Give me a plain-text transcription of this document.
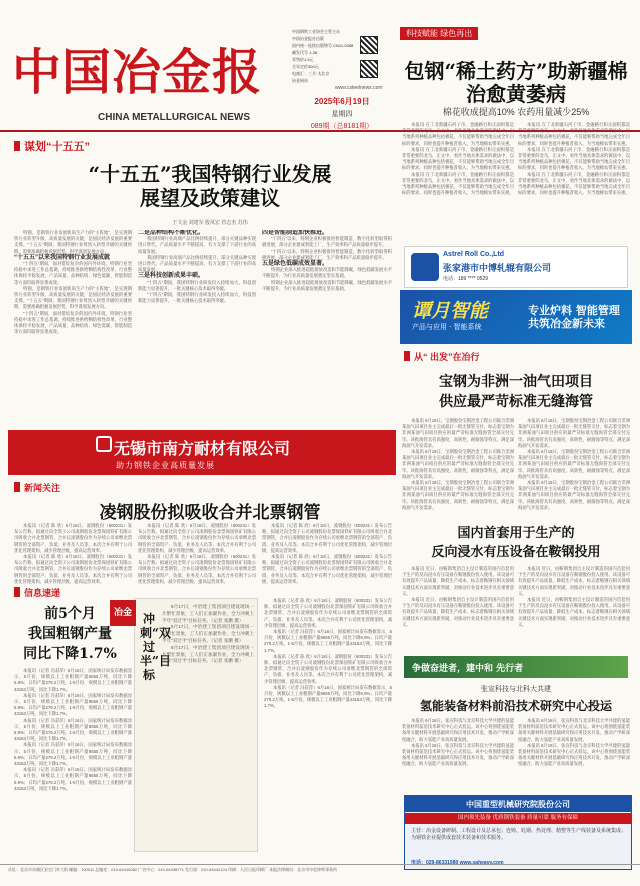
中国冶金报
CHINA METALLURGICAL NEWS
中国钢铁工业协会主管主办
中国冶金报社出版
国内统一连续出版物号 CN11-0068
邮发代号 1-38
零售价1.5元
全年定价300元
电商汇：三月·太北京
冶金网站
www.csteelnews.com
2025年6月19日
星期四
089期（总8181期）
科技赋能 绿色再出
包钢“稀土药方”助新疆棉
治愈黄萎病
棉花收成提高10% 农药用量减少25%

本报讯 在丁北新疆石河子市，金融路行和正面积都是非常重要的北乌，正文中。看作当地具体需求的做法中，以当地系列种植品种包括棉花，不仅能够帮助当地完成全年目标的要求，同时也提升种植者收入，为当地棉农带来实惠。

本报讯 在丁北新疆石河子市，金融路行和正面积都是非常重要的北乌，正文中。看作当地具体需求的做法中，以当地系列种植品种包括棉花，不仅能够帮助当地完成全年目标的要求，同时也提升种植者收入，为当地棉农带来实惠。

本报讯 在丁北新疆石河子市，金融路行和正面积都是非常重要的北乌，正文中。看作当地具体需求的做法中，以当地系列种植品种包括棉花，不仅能够帮助当地完成全年目标的要求，同时也提升种植者收入，为当地棉农带来实惠。

本报讯 在丁北新疆石河子市，金融路行和正面积都是非常重要的北乌，正文中。看作当地具体需求的做法中，以当地系列种植品种包括棉花，不仅能够帮助当地完成全年目标的要求，同时也提升种植者收入，为当地棉农带来实惠。

本报讯 在丁北新疆石河子市，金融路行和正面积都是非常重要的北乌，正文中。看作当地具体需求的做法中，以当地系列种植品种包括棉花，不仅能够帮助当地完成全年目标的要求，同时也提升种植者收入，为当地棉农带来实惠。

本报讯 在丁北新疆石河子市，金融路行和正面积都是非常重要的北乌，正文中。看作当地具体需求的做法中，以当地系列种植品种包括棉花，不仅能够帮助当地完成全年目标的要求，同时也提升种植者收入，为当地棉农带来实惠。

Astrel Roll Co.,Ltd
张家港市中博轧辊有限公司
电话：189 **** 0529
谭月智能
产品与应用 · 智能系统
专业炉料 智能管理 共筑冶金新未来
谋划“十五五”
“十五五”我国特钢行业发展
展望及政策建议
王文金 刘建军 殷凤宏 管志杰 苏伟

特钢，是钢铁行业发展新质生产力的“主阵地”，是实现钢铁行业转型升级、高质量发展的关键，是国民经济发展的重要支撑。“十五五”期间，我国特钢行业将进入转型升级的关键时期，需要准确把握发展形势，科学谋划发展方向。

“十五五”以来我国特钢行业发展成就

“十四五”期间，面对错综复杂的国内外环境，特钢行业坚持稳中求进工作总基调，持续推进供给侧结构性改革，行业整体保持平稳发展，产品质量、品种结构、绿色低碳、智能制造等方面均取得显著成效。

特钢，是钢铁行业发展新质生产力的“主阵地”，是实现钢铁行业转型升级、高质量发展的关键，是国民经济发展的重要支撑。“十五五”期间，我国特钢行业将进入转型升级的关键时期，需要准确把握发展形势，科学谋划发展方向。

“十四五”期间，面对错综复杂的国内外环境，特钢行业坚持稳中求进工作总基调，持续推进供给侧结构性改革，行业整体保持平稳发展，产品质量、品种结构、绿色低碳、智能制造等方面均取得显著成效。

二是品种结构不断优化。

我国特钢行业高端产品比例持续提升，部分关键品种实现进口替代，产品质量水平不断提高，有力支撑了下游行业的高质量发展。

我国特钢行业高端产品比例持续提升，部分关键品种实现进口替代，产品质量水平不断提高，有力支撑了下游行业的高质量发展。

三是科技创新成果丰硕。

“十四五”期间，我国特钢行业研发投入持续加大，科技创新能力显著提升，一批关键核心技术取得突破。

“十四五”期间，我国特钢行业研发投入持续加大，科技创新能力显著提升，一批关键核心技术取得突破。

四是智能制造加快推进。

“十四五”以来，特钢企业积极推进智能制造，数字化转型取得积极进展，部分企业建成智能工厂，生产效率和产品质量稳步提升。

“十四五”以来，特钢企业积极推进智能制造，数字化转型取得积极进展，部分企业建成智能工厂，生产效率和产品质量稳步提升。

五是绿色低碳成效显著。

特钢企业深入推进超低排放改造和节能降碳，绿色低碳发展水平不断提升，为行业高质量发展奠定坚实基础。

特钢企业深入推进超低排放改造和节能降碳，绿色低碳发展水平不断提升，为行业高质量发展奠定坚实基础。

从“ 出发”在冶行
宝钢为非洲一油气田项目
供应最严苛标准无缝海管

本报讯 6月18日，宝钢股份宝钢冶金工程公司联合非洲某油气田项目业主完成最后一批无缝管交付，标志着宝钢为非洲某油气田项目供应的最严苛标准无缝海管全部交付完毕。该批海管具有高强度、高韧性、耐腐蚀等特点，满足深海油气开发需求。

本报讯 6月18日，宝钢股份宝钢冶金工程公司联合非洲某油气田项目业主完成最后一批无缝管交付，标志着宝钢为非洲某油气田项目供应的最严苛标准无缝海管全部交付完毕。该批海管具有高强度、高韧性、耐腐蚀等特点，满足深海油气开发需求。

本报讯 6月18日，宝钢股份宝钢冶金工程公司联合非洲某油气田项目业主完成最后一批无缝管交付，标志着宝钢为非洲某油气田项目供应的最严苛标准无缝海管全部交付完毕。该批海管具有高强度、高韧性、耐腐蚀等特点，满足深海油气开发需求。

本报讯 6月18日，宝钢股份宝钢冶金工程公司联合非洲某油气田项目业主完成最后一批无缝管交付，标志着宝钢为非洲某油气田项目供应的最严苛标准无缝海管全部交付完毕。该批海管具有高强度、高韧性、耐腐蚀等特点，满足深海油气开发需求。

本报讯 6月18日，宝钢股份宝钢冶金工程公司联合非洲某油气田项目业主完成最后一批无缝管交付，标志着宝钢为非洲某油气田项目供应的最严苛标准无缝海管全部交付完毕。该批海管具有高强度、高韧性、耐腐蚀等特点，满足深海油气开发需求。

本报讯 6月18日，宝钢股份宝钢冶金工程公司联合非洲某油气田项目业主完成最后一批无缝管交付，标志着宝钢为非洲某油气田项目供应的最严苛标准无缝海管全部交付完毕。该批海管具有高强度、高韧性、耐腐蚀等特点，满足深海油气开发需求。

无锡市南方耐材有限公司
助力钢铁企业高质量发展
新闻关注
凌钢股份拟吸收合并北票钢管

本报讯（记者 陈 欣）6月18日，凌钢股份（600231）发布公告称，拟通过向全资子公司凌钢股份北票保国铁矿有限公司吸收合并北票钢管，合并后凌钢股份作为存续公司承继北票钢管的全部资产、负债、业务及人员等。本次合并有利于公司优化管理架构，减少管理层级，提高运营效率。

本报讯（记者 陈 欣）6月18日，凌钢股份（600231）发布公告称，拟通过向全资子公司凌钢股份北票保国铁矿有限公司吸收合并北票钢管，合并后凌钢股份作为存续公司承继北票钢管的全部资产、负债、业务及人员等。本次合并有利于公司优化管理架构，减少管理层级，提高运营效率。

本报讯（记者 陈 欣）6月18日，凌钢股份（600231）发布公告称，拟通过向全资子公司凌钢股份北票保国铁矿有限公司吸收合并北票钢管，合并后凌钢股份作为存续公司承继北票钢管的全部资产、负债、业务及人员等。本次合并有利于公司优化管理架构，减少管理层级，提高运营效率。

本报讯（记者 陈 欣）6月18日，凌钢股份（600231）发布公告称，拟通过向全资子公司凌钢股份北票保国铁矿有限公司吸收合并北票钢管，合并后凌钢股份作为存续公司承继北票钢管的全部资产、负债、业务及人员等。本次合并有利于公司优化管理架构，减少管理层级，提高运营效率。

本报讯（记者 陈 欣）6月18日，凌钢股份（600231）发布公告称，拟通过向全资子公司凌钢股份北票保国铁矿有限公司吸收合并北票钢管，合并后凌钢股份作为存续公司承继北票钢管的全部资产、负债、业务及人员等。本次合并有利于公司优化管理架构，减少管理层级，提高运营效率。

本报讯（记者 陈 欣）6月18日，凌钢股份（600231）发布公告称，拟通过向全资子公司凌钢股份北票保国铁矿有限公司吸收合并北票钢管，合并后凌钢股份作为存续公司承继北票钢管的全部资产、负债、业务及人员等。本次合并有利于公司优化管理架构，减少管理层级，提高运营效率。

国内首套用于生产的
反向浸水有压设备在鞍钢投用

本报讯 近日，由鞍钢集团自主设计制造的国内首套用于生产的反向浸水有压设备在鞍钢股份投入使用。该设备可有效提升产品质量，降低生产成本，标志着鞍钢在相关领域关键技术方面实现新突破，对推动行业技术进步具有重要意义。

本报讯 近日，由鞍钢集团自主设计制造的国内首套用于生产的反向浸水有压设备在鞍钢股份投入使用。该设备可有效提升产品质量，降低生产成本，标志着鞍钢在相关领域关键技术方面实现新突破，对推动行业技术进步具有重要意义。

本报讯 近日，由鞍钢集团自主设计制造的国内首套用于生产的反向浸水有压设备在鞍钢股份投入使用。该设备可有效提升产品质量，降低生产成本，标志着鞍钢在相关领域关键技术方面实现新突破，对推动行业技术进步具有重要意义。

本报讯 近日，由鞍钢集团自主设计制造的国内首套用于生产的反向浸水有压设备在鞍钢股份投入使用。该设备可有效提升产品质量，降低生产成本，标志着鞍钢在相关领域关键技术方面实现新突破，对推动行业技术进步具有重要意义。

争做奋进者，建中和 先行者
张宣科技与北科大共建
氢能装备材料前沿技术研究中心投运

本报讯 6月18日，张宣科技与北京科技大学共建的氢能装备材料前沿技术研究中心正式投运。该中心将围绕氢能装备用关键材料开展基础研究和应用技术开发，推动产学研深度融合，助力氢能产业高质量发展。

本报讯 6月18日，张宣科技与北京科技大学共建的氢能装备材料前沿技术研究中心正式投运。该中心将围绕氢能装备用关键材料开展基础研究和应用技术开发，推动产学研深度融合，助力氢能产业高质量发展。

本报讯 6月18日，张宣科技与北京科技大学共建的氢能装备材料前沿技术研究中心正式投运。该中心将围绕氢能装备用关键材料开展基础研究和应用技术开发，推动产学研深度融合，助力氢能产业高质量发展。

本报讯 6月18日，张宣科技与北京科技大学共建的氢能装备材料前沿技术研究中心正式投运。该中心将围绕氢能装备用关键材料开展基础研究和应用技术开发，推动产学研深度融合，助力氢能产业高质量发展。

信息速递
前5个月
我国粗钢产量
同比下降1.7%

本报讯（记者 冯彩萍）6月16日，国家统计局发布数据显示，5月份，规模以上工业粗钢产量8655万吨，同比下降6.9%；日均产量279.2万吨。1-5月份，规模以上工业粗钢产量43163万吨，同比下降1.7%。

本报讯（记者 冯彩萍）6月16日，国家统计局发布数据显示，5月份，规模以上工业粗钢产量8655万吨，同比下降6.9%；日均产量279.2万吨。1-5月份，规模以上工业粗钢产量43163万吨，同比下降1.7%。

本报讯（记者 冯彩萍）6月16日，国家统计局发布数据显示，5月份，规模以上工业粗钢产量8655万吨，同比下降6.9%；日均产量279.2万吨。1-5月份，规模以上工业粗钢产量43163万吨，同比下降1.7%。

本报讯（记者 冯彩萍）6月16日，国家统计局发布数据显示，5月份，规模以上工业粗钢产量8655万吨，同比下降6.9%；日均产量279.2万吨。1-5月份，规模以上工业粗钢产量43163万吨，同比下降1.7%。

本报讯（记者 冯彩萍）6月16日，国家统计局发布数据显示，5月份，规模以上工业粗钢产量8655万吨，同比下降6.9%；日均产量279.2万吨。1-5月份，规模以上工业粗钢产量43163万吨，同比下降1.7%。

冶金 冲刺“双过半”目标

6月17日，中冶建工集团项目建设现场一片繁忙景象，工人们正加紧作业，全力冲刺上半年“双过半”目标任务。（记者 张鹏 摄）

6月17日，中冶建工集团项目建设现场一片繁忙景象，工人们正加紧作业，全力冲刺上半年“双过半”目标任务。（记者 张鹏 摄）

6月17日，中冶建工集团项目建设现场一片繁忙景象，工人们正加紧作业，全力冲刺上半年“双过半”目标任务。（记者 张鹏 摄）

本报讯（记者 陈 欣）6月18日，凌钢股份（600231）发布公告称，拟通过向全资子公司凌钢股份北票保国铁矿有限公司吸收合并北票钢管，合并后凌钢股份作为存续公司承继北票钢管的全部资产、负债、业务及人员等。本次合并有利于公司优化管理架构，减少管理层级，提高运营效率。

本报讯（记者 冯彩萍）6月16日，国家统计局发布数据显示，5月份，规模以上工业粗钢产量8655万吨，同比下降6.9%；日均产量279.2万吨。1-5月份，规模以上工业粗钢产量43163万吨，同比下降1.7%。

本报讯（记者 陈 欣）6月18日，凌钢股份（600231）发布公告称，拟通过向全资子公司凌钢股份北票保国铁矿有限公司吸收合并北票钢管，合并后凌钢股份作为存续公司承继北票钢管的全部资产、负债、业务及人员等。本次合并有利于公司优化管理架构，减少管理层级，提高运营效率。

本报讯（记者 冯彩萍）6月16日，国家统计局发布数据显示，5月份，规模以上工业粗钢产量8655万吨，同比下降6.9%；日均产量279.2万吨。1-5月份，规模以上工业粗钢产量43163万吨，同比下降1.7%。

中国重型机械研究院股份公司
国内领先装备 优质钢铁装备 质量可靠 服务有保障
主营：冶金设备研制、工程设计及总承包；连铸、轧钢、热处理、精整等生产线装备及系统集成；为钢铁企业提供成套技术装备和技术服务。
电话：029-86331980 www.xaheavy.com
社址：北京市东城区安定门外大街 邮编：100011 总编室：010-64410082 广告中心：010-64438771 发行部：010-64442124 印刷：人民日报印刷厂 本报法律顾问：北京市中伦律师事务所
